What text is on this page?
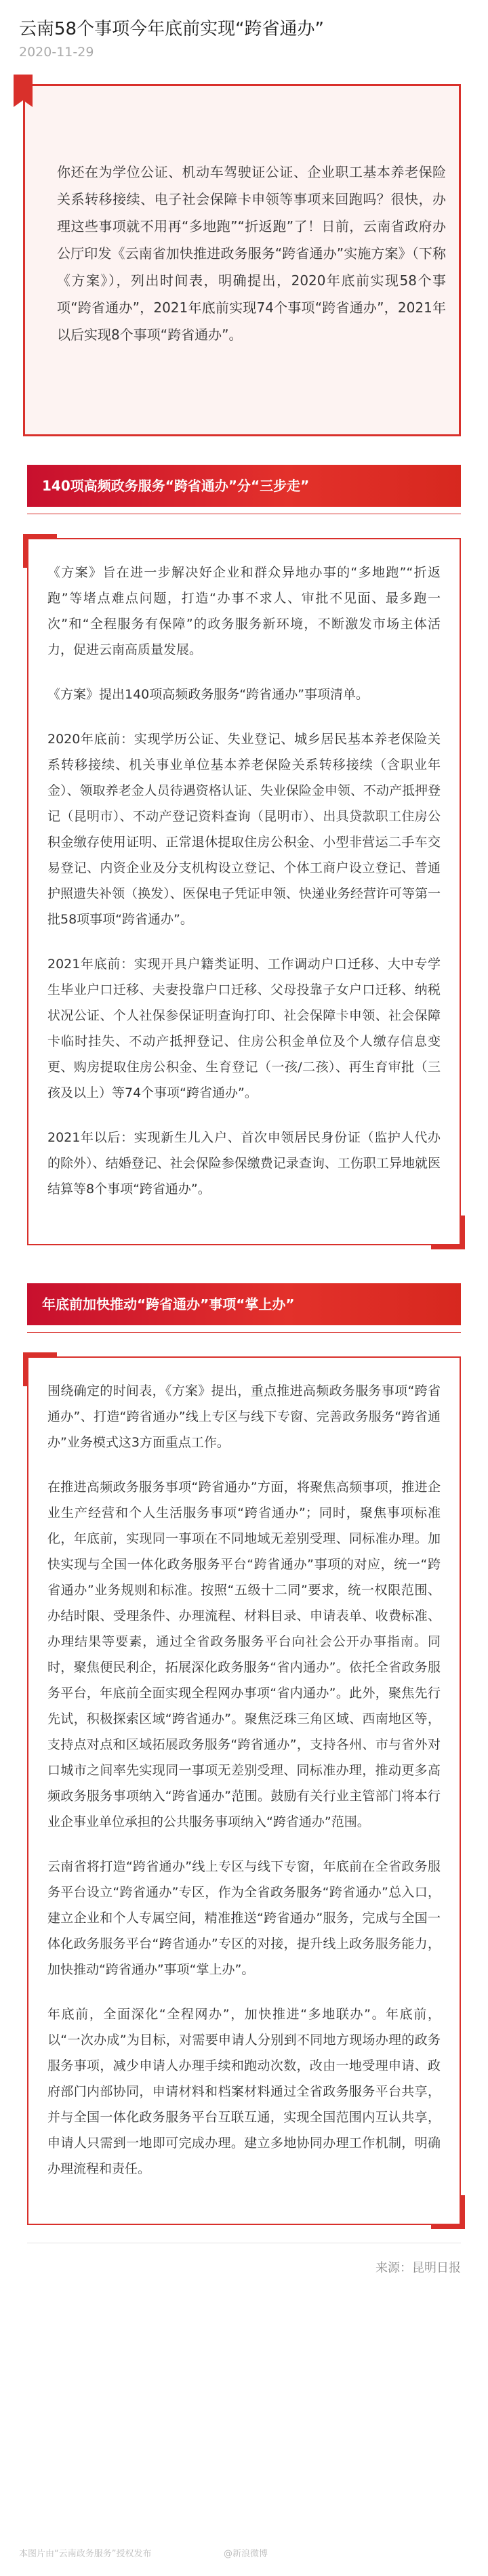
云南58个事项今年底前实现“跨省通办”
2020-11-29
你还在为学位公证、机动车驾驶证公证、企业职工基本养老保险关系转移接续、电子社会保障卡申领等事项来回跑吗？很快，办理这些事项就不用再“多地跑”“折返跑”了！日前，云南省政府办公厅印发《云南省加快推进政务服务“跨省通办”实施方案》（下称《方案》），列出时间表，明确提出，2020年底前实现58个事项“跨省通办”，2021年底前实现74个事项“跨省通办”，2021年以后实现8个事项“跨省通办”。
140项高频政务服务“跨省通办”分“三步走”

《方案》旨在进一步解决好企业和群众异地办事的“多地跑”“折返跑”等堵点难点问题，打造“办事不求人、审批不见面、最多跑一次”和“全程服务有保障”的政务服务新环境，不断激发市场主体活力，促进云南高质量发展。

《方案》提出140项高频政务服务“跨省通办”事项清单。

2020年底前：实现学历公证、失业登记、城乡居民基本养老保险关系转移接续、机关事业单位基本养老保险关系转移接续（含职业年金）、领取养老金人员待遇资格认证、失业保险金申领、不动产抵押登记（昆明市）、不动产登记资料查询（昆明市）、出具贷款职工住房公积金缴存使用证明、正常退休提取住房公积金、小型非营运二手车交易登记、内资企业及分支机构设立登记、个体工商户设立登记、普通护照遗失补领（换发）、医保电子凭证申领、快递业务经营许可等第一批58项事项“跨省通办”。

2021年底前：实现开具户籍类证明、工作调动户口迁移、大中专学生毕业户口迁移、夫妻投靠户口迁移、父母投靠子女户口迁移、纳税状况公证、个人社保参保证明查询打印、社会保障卡申领、社会保障卡临时挂失、不动产抵押登记、住房公积金单位及个人缴存信息变更、购房提取住房公积金、生育登记（一孩/二孩）、再生育审批（三孩及以上）等74个事项“跨省通办”。

2021年以后：实现新生儿入户、首次申领居民身份证（监护人代办的除外）、结婚登记、社会保险参保缴费记录查询、工伤职工异地就医结算等8个事项“跨省通办”。

年底前加快推动“跨省通办”事项“掌上办”

围绕确定的时间表，《方案》提出，重点推进高频政务服务事项“跨省通办”、打造“跨省通办”线上专区与线下专窗、完善政务服务“跨省通办”业务模式这3方面重点工作。

在推进高频政务服务事项“跨省通办”方面，将聚焦高频事项，推进企业生产经营和个人生活服务事项“跨省通办”；同时，聚焦事项标准化，年底前，实现同一事项在不同地域无差别受理、同标准办理。加快实现与全国一体化政务服务平台“跨省通办”事项的对应，统一“跨省通办”业务规则和标准。按照“五级十二同”要求，统一权限范围、办结时限、受理条件、办理流程、材料目录、申请表单、收费标准、办理结果等要素，通过全省政务服务平台向社会公开办事指南。同时，聚焦便民利企，拓展深化政务服务“省内通办”。依托全省政务服务平台，年底前全面实现全程网办事项“省内通办”。此外，聚焦先行先试，积极探索区域“跨省通办”。聚焦泛珠三角区域、西南地区等，支持点对点和区域拓展政务服务“跨省通办”，支持各州、市与省外对口城市之间率先实现同一事项无差别受理、同标准办理，推动更多高频政务服务事项纳入“跨省通办”范围。鼓励有关行业主管部门将本行业企事业单位承担的公共服务事项纳入“跨省通办”范围。

云南省将打造“跨省通办”线上专区与线下专窗，年底前在全省政务服务平台设立“跨省通办”专区，作为全省政务服务“跨省通办”总入口，建立企业和个人专属空间，精准推送“跨省通办”服务，完成与全国一体化政务服务平台“跨省通办”专区的对接，提升线上政务服务能力，加快推动“跨省通办”事项“掌上办”。

年底前，全面深化“全程网办”，加快推进“多地联办”。年底前，以“一次办成”为目标，对需要申请人分别到不同地方现场办理的政务服务事项，减少申请人办理手续和跑动次数，改由一地受理申请、政府部门内部协同，申请材料和档案材料通过全省政务服务平台共享，并与全国一体化政务服务平台互联互通，实现全国范围内互认共享，申请人只需到一地即可完成办理。建立多地协同办理工作机制，明确办理流程和责任。

来源：昆明日报
本图片由“云南政务服务”授权发布	@新浪微博
